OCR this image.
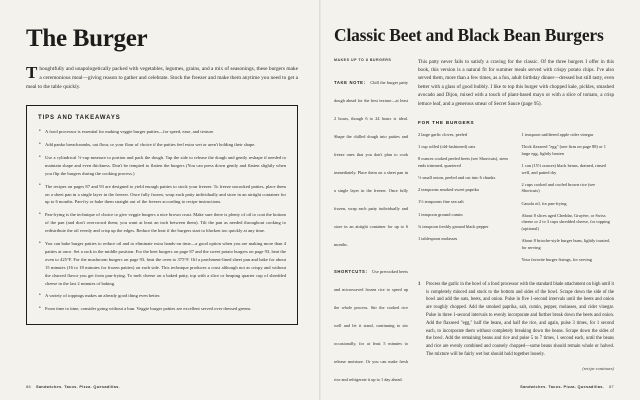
The Burger

Thoughtfully and unapologetically packed with vegetables, legumes, grains, and a mix of seasonings, these burgers make a ceremonious meal—giving reason to gather and celebrate. Stock the freezer and make them anytime you need to get a meal to the table quickly.

TIPS AND TAKEAWAYS
• A food processor is essential for making veggie burger patties—for speed, ease, and texture.
• Add panko breadcrumbs, oat flour, or your flour of choice if the patties feel extra wet or aren't holding their shape.
• Use a cylindrical ½-cup measure to portion and pack the dough. Tap the side to release the dough and gently reshape if needed to maintain shape and even thickness. Don't be tempted to flatten the burgers (You can press down gently and flatten slightly when you flip the burgers during the cooking process.)
• The recipes on pages 87 and 93 are designed to yield enough patties to stock your freezer. To freeze uncooked patties, place them on a sheet pan in a single layer in the freezer. Once fully frozen, wrap each patty individually and store in an airtight container for up to 6 months. Pan-fry or bake them straight out of the freezer according to recipe instructions.
• Pan-frying is the technique of choice to give veggie burgers a nice brown crust. Make sure there is plenty of oil to coat the bottom of the pan (and don't overcrowd them; you want at least an inch between them). Tilt the pan as needed throughout cooking to redistribute the oil evenly and crisp up the edges. Reduce the heat if the burgers start to blacken too quickly at any time.
• You can bake burger patties to reduce oil and to eliminate extra hands-on time—a good option when you are making more than 4 patties at once. Set a rack in the middle position. For the beet burgers on page 87 and the sweet potato burgers on page 93, heat the oven to 425°F. For the mushroom burgers on page 93, heat the oven to 375°F. Oil a parchment-lined sheet pan and bake for about 15 minutes (16 to 18 minutes for frozen patties) on each side. This technique produces a crust although not as crispy and without the charred flavor you get from pan-frying. To melt cheese on a baked patty, top with a slice or heaping quarter cup of shredded cheese in the last 2 minutes of baking.
• A variety of toppings makes an already good thing even better.
• From time to time, consider going without a bun. Veggie burger patties are excellent served over dressed greens.
86 Sandwiches. Tacos. Pizza. Quesadillas.
Classic Beet and Black Bean Burgers
MAKES UP TO 8 BURGERS
TAKE NOTE: Chill the burger patty dough ahead for the best texture—at least 2 hours, though 6 to 24 hours is ideal. Shape the chilled dough into patties and freeze ones that you don't plan to cook immediately. Place them on a sheet pan in a single layer in the freezer. Once fully frozen, wrap each patty individually and store in an airtight container for up to 6 months.
SHORTCUTS: Use precooked beets and microwaved frozen rice to speed up the whole process. Stir the cooked rice well and let it stand, continuing to stir occasionally, for at least 5 minutes to release moisture. Or you can make fresh rice and refrigerate it up to 1 day ahead.

This patty never fails to satisfy a craving for the classic. Of the three burgers I offer in this book, this version is a natural fit for summer meals served with crispy potato chips. I've also served them, more than a few times, as a fun, adult birthday dinner—dressed but still tasty, even better with a glass of good bubbly. I like to top this burger with chopped kale, pickles, smashed avocado and Dijon, mixed with a touch of plant-based mayo or with a slice of tomato, a crisp lettuce leaf, and a generous smear of Secret Sauce (page 95).

FOR THE BURGERS

2 large garlic cloves, peeled

1 cup rolled (old-fashioned) oats

8 ounces cooked peeled beets (see Shortcuts), stem ends trimmed, quartered

½ small onion, peeled and cut into 6 chunks

2 teaspoons smoked sweet paprika

1½ teaspoons fine sea salt

1 teaspoon ground cumin

¾ teaspoon freshly ground black pepper

1 tablespoon molasses

1 teaspoon unfiltered apple cider vinegar

Thick flaxseed "egg" (one firm on page 88) or 1 large egg, lightly beaten

1 can (15½ ounces) black beans, drained, rinsed well, and patted dry

2 cups cooked and cooled brown rice (see Shortcuts)

Canola oil, for pan-frying

About 8 slices aged Cheddar, Gruyère, or Swiss cheese or 2 to 3 cups shredded cheese, for topping (optional)

About 8 brioche-style burger buns, lightly toasted, for serving

Your favorite burger fixings, for serving

1 Process the garlic in the bowl of a food processor with the standard blade attachment on high until it is completely minced and stuck to the bottom and sides of the bowl. Scrape down the side of the bowl and add the oats, beets, and onion. Pulse in five 1-second intervals until the beets and onion are roughly chopped. Add the smoked paprika, salt, cumin, pepper, molasses, and cider vinegar. Pulse in three 1-second intervals to evenly incorporate and further break down the beets and onion. Add the flaxseed "egg," half the beans, and half the rice, and again, pulse 3 times, for 1 second each, to incorporate them without completely breaking down the beans. Scrape down the sides of the bowl. Add the remaining beans and rice and pulse 5 to 7 times, 1 second each, until the beans and rice are evenly combined and coarsely chopped—some beans should remain whole or halved. The mixture will be fairly wet but should hold together loosely.
(recipe continues)
Sandwiches. Tacos. Pizza. Quesadillas. 87
